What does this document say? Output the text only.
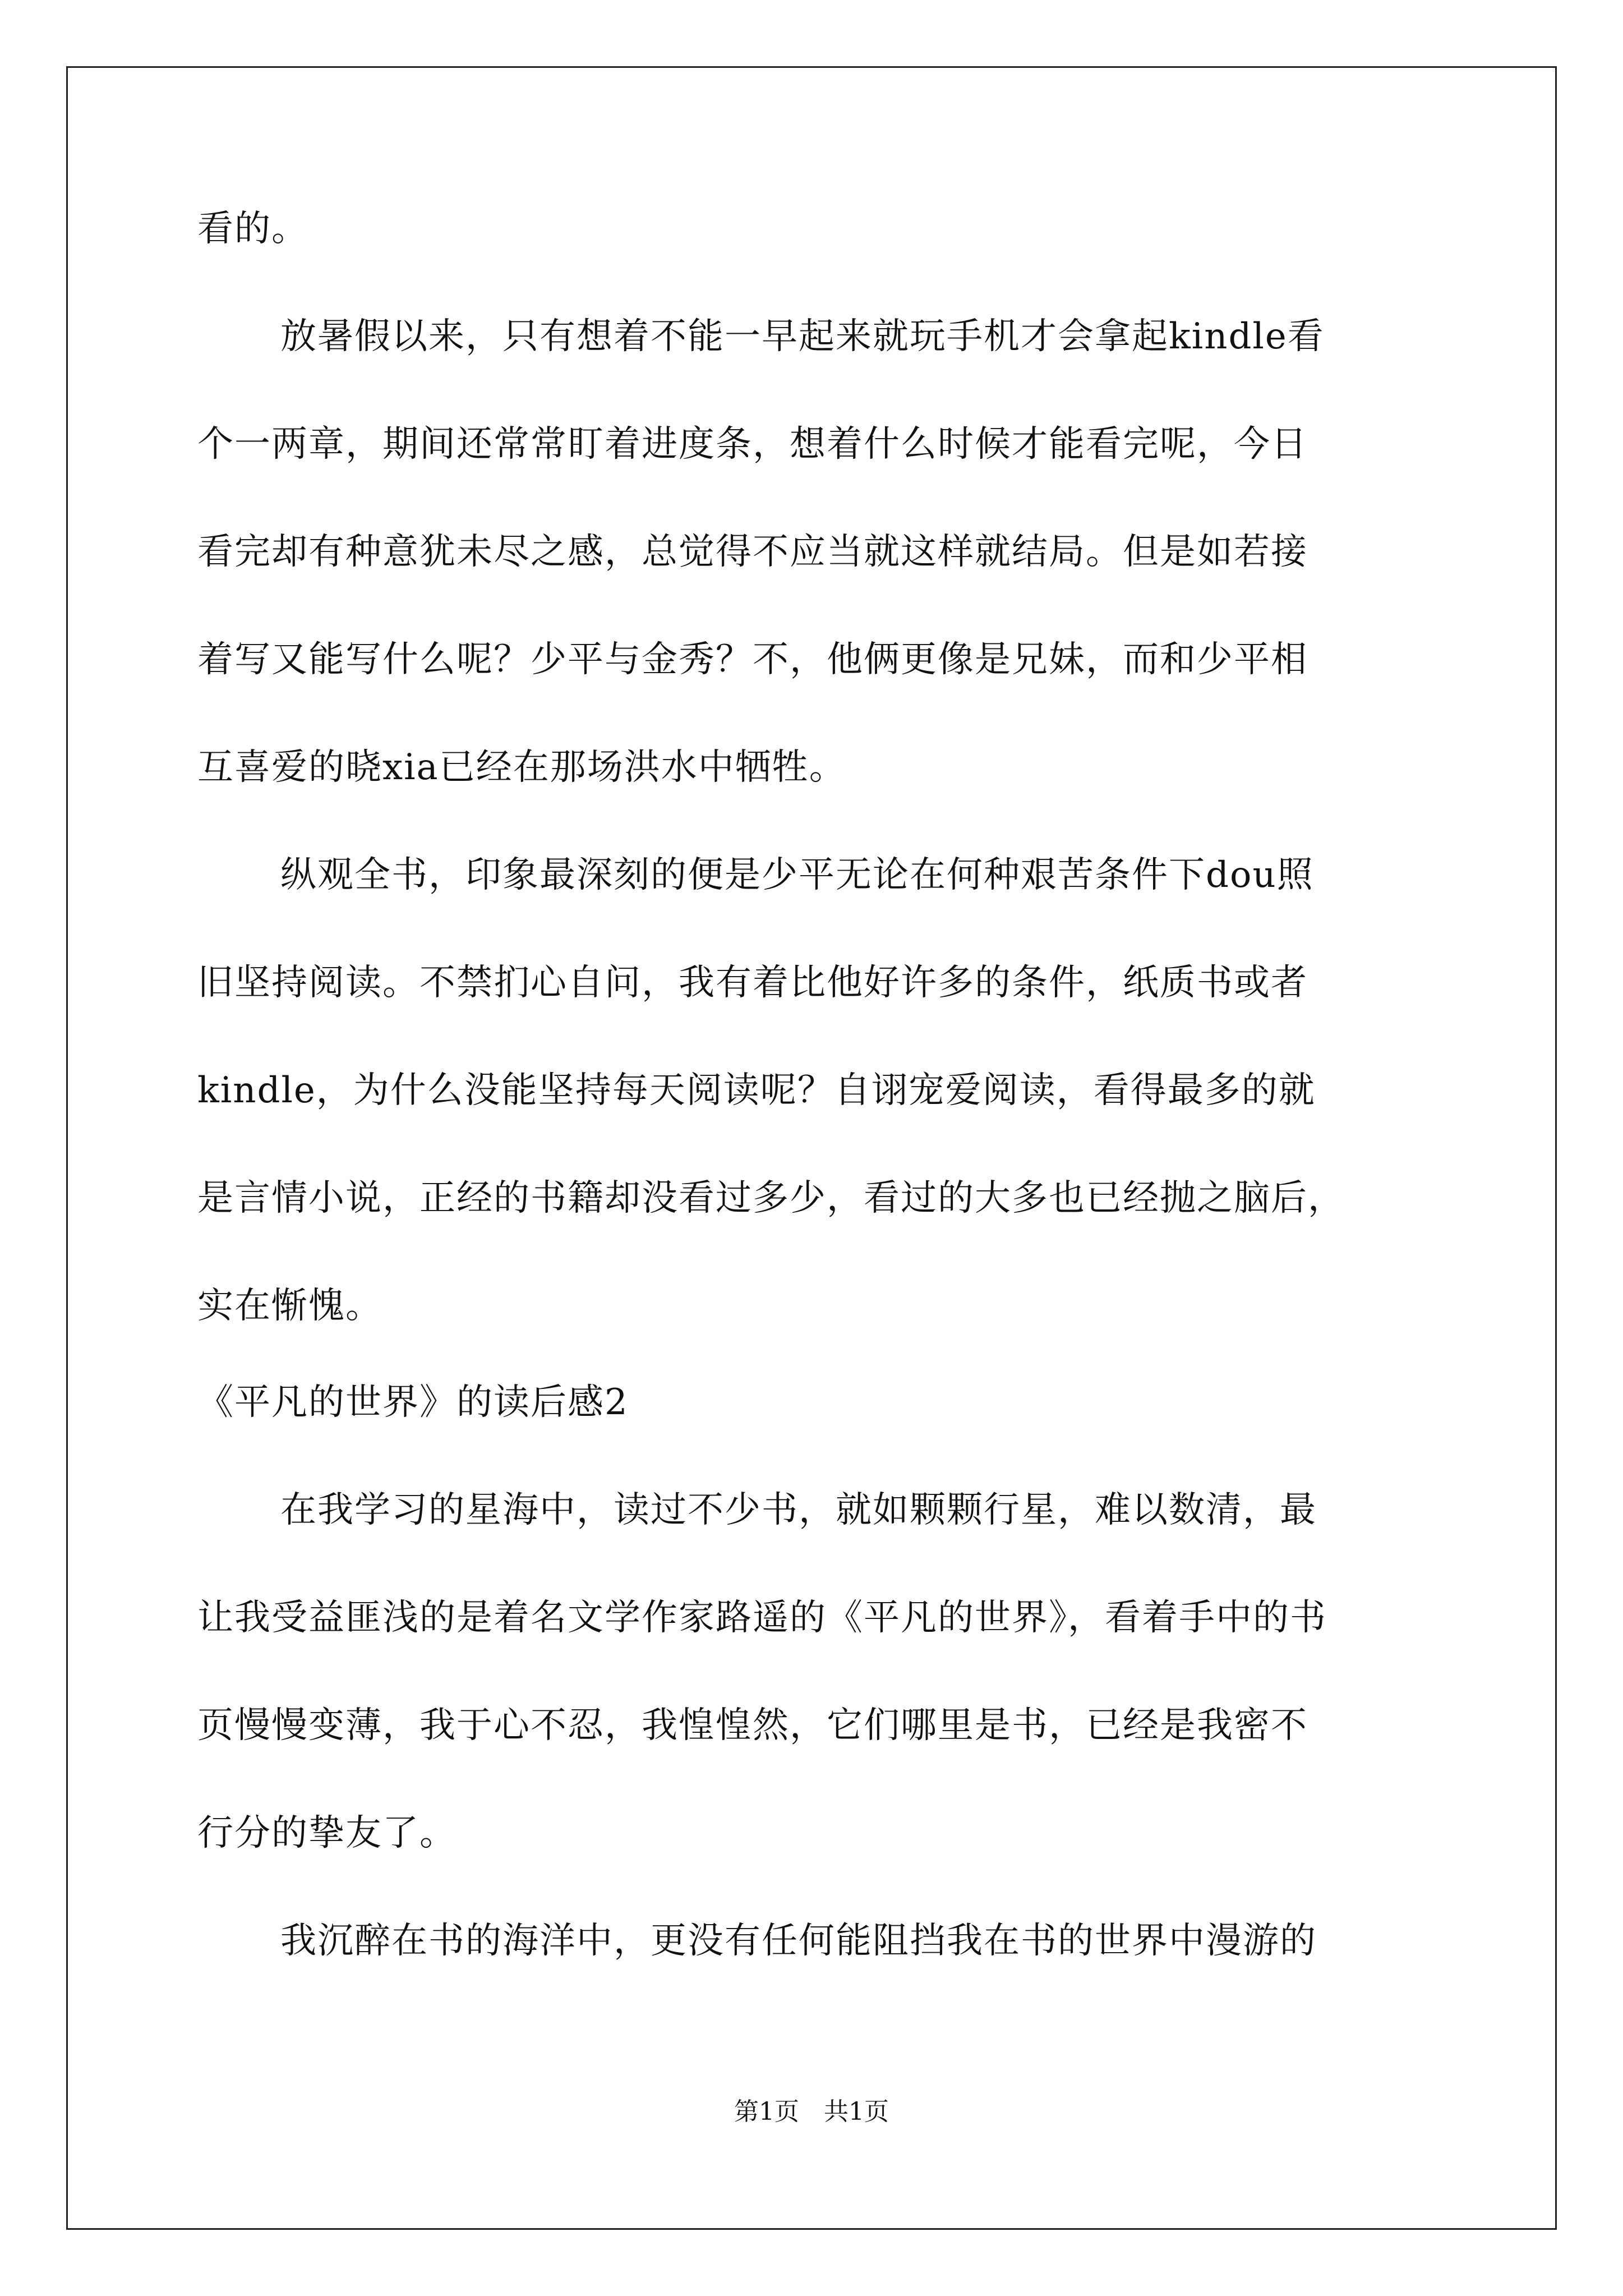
看的。
放暑假以来，只有想着不能一早起来就玩手机才会拿起kindle看
个一两章，期间还常常盯着进度条，想着什么时候才能看完呢，今日
看完却有种意犹未尽之感，总觉得不应当就这样就结局。但是如若接
着写又能写什么呢？少平与金秀？不，他俩更像是兄妹，而和少平相
互喜爱的晓xia已经在那场洪水中牺牲。
纵观全书，印象最深刻的便是少平无论在何种艰苦条件下dou照
旧坚持阅读。不禁扪心自问，我有着比他好许多的条件，纸质书或者
kindle，为什么没能坚持每天阅读呢？自诩宠爱阅读，看得最多的就
是言情小说，正经的书籍却没看过多少，看过的大多也已经抛之脑后，
实在惭愧。
《平凡的世界》的读后感2
在我学习的星海中，读过不少书，就如颗颗行星，难以数清，最
让我受益匪浅的是着名文学作家路遥的《平凡的世界》，看着手中的书
页慢慢变薄，我于心不忍，我惶惶然，它们哪里是书，已经是我密不
行分的挚友了。
我沉醉在书的海洋中，更没有任何能阻挡我在书的世界中漫游的
第1页　共1页
